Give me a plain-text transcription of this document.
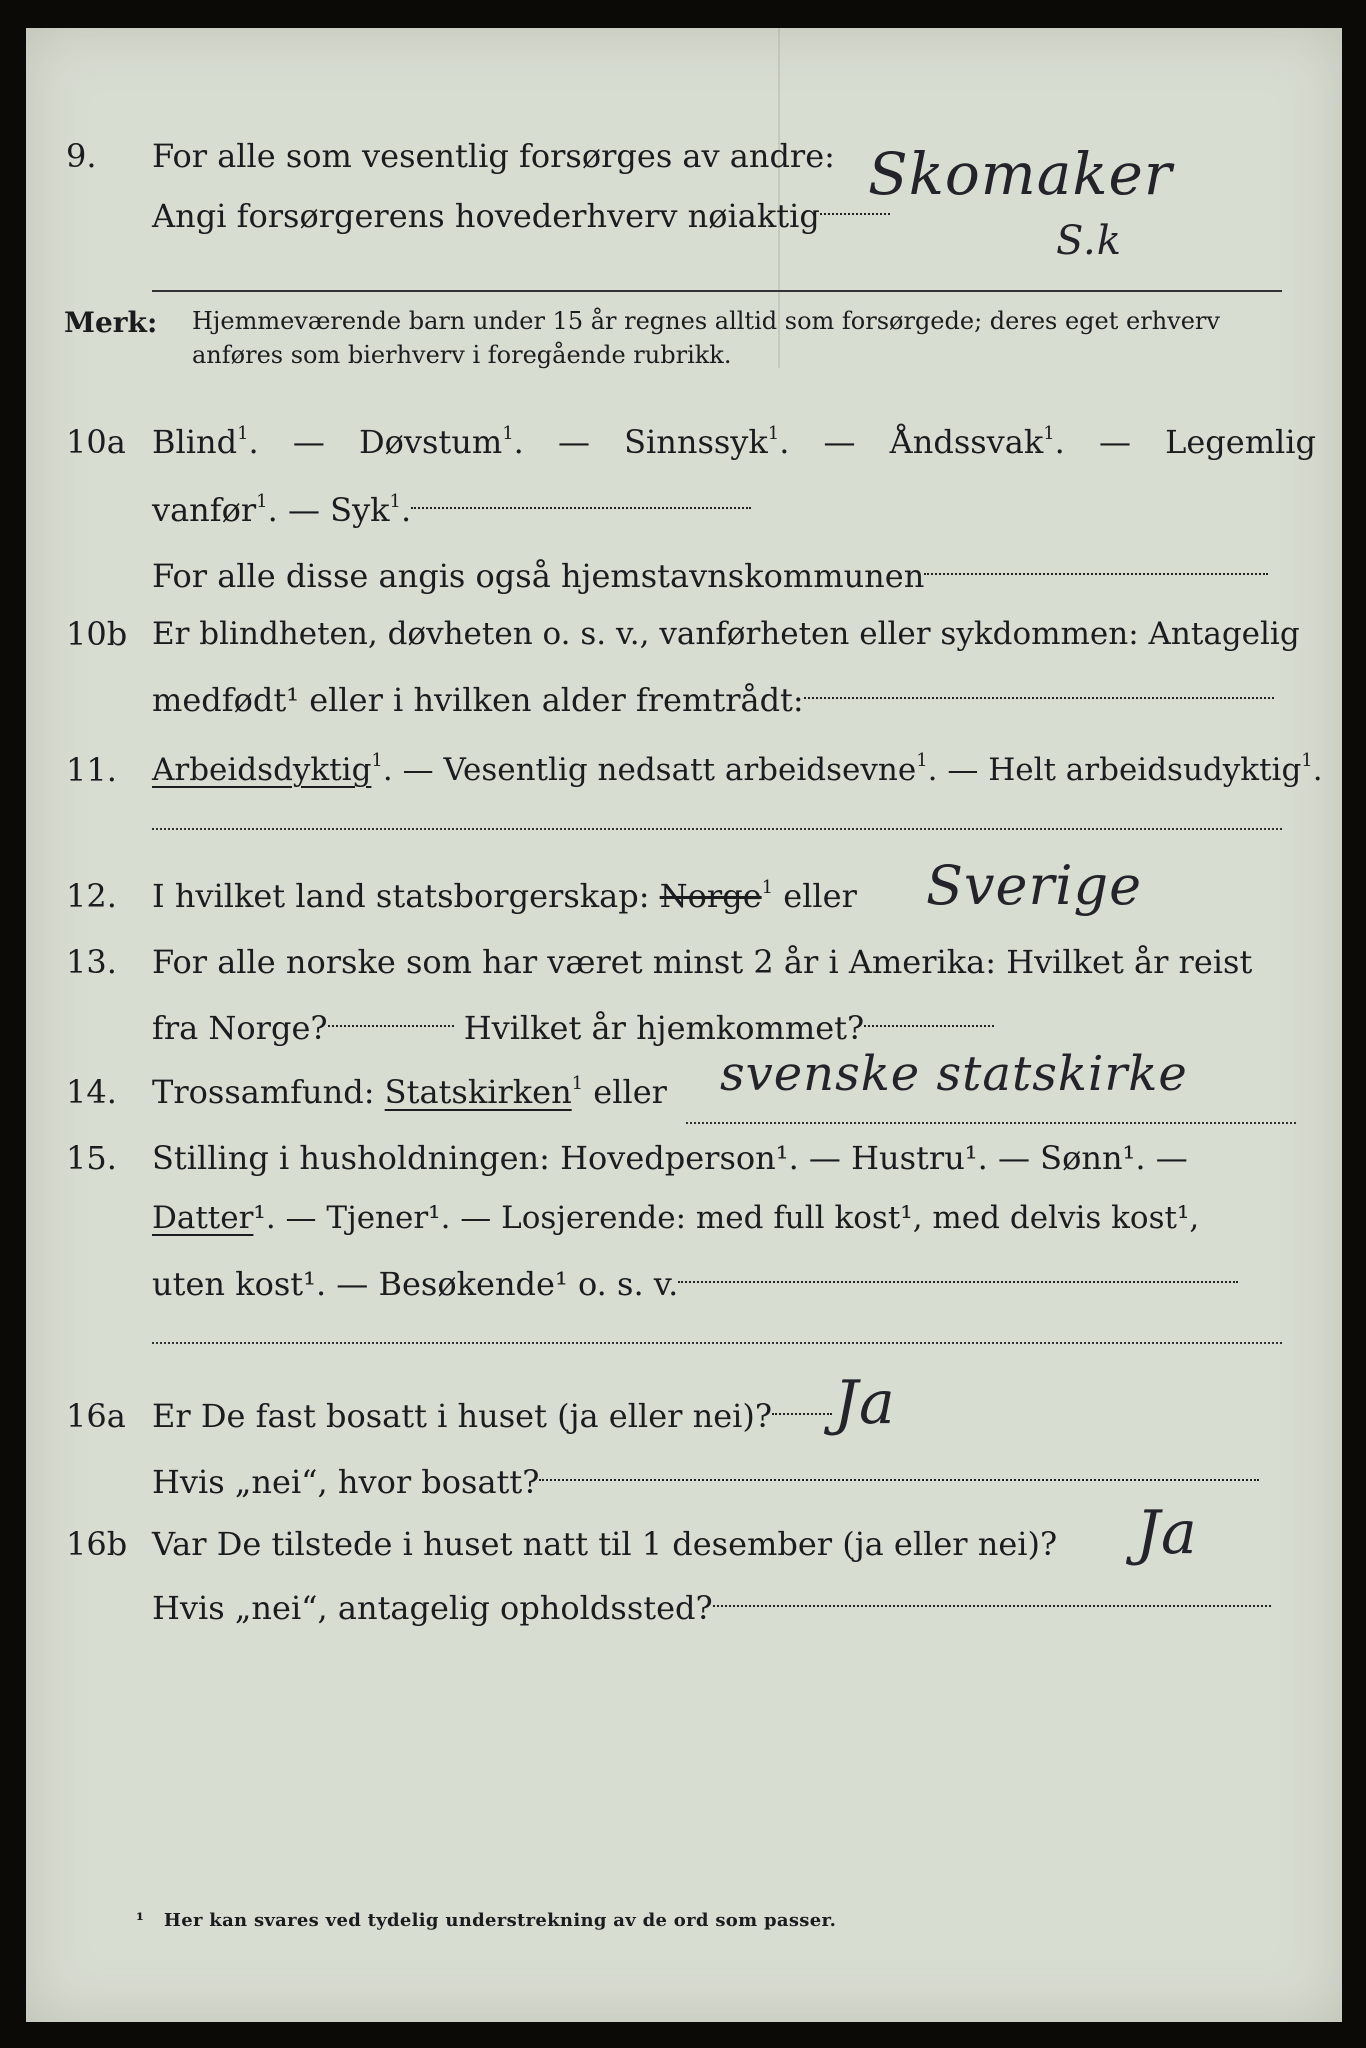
9. For alle som vesentlig forsørges av andre:
Angi forsørgerens hovederhverv nøiaktig
Skomaker
S.k
Merk: Hjemmeværende barn under 15 år regnes alltid som forsørgede; deres eget erhverv
anføres som bierhverv i foregående rubrikk.
10a Blind$^1$. — Døvstum$^1$. — Sinnssyk$^1$. — Åndssvak$^1$. — Legemlig
vanfør$^1$. — Syk$^1$.
For alle disse angis også hjemstavnskommunen
10b Er blindheten, døvheten o. s. v., vanførheten eller sykdommen: Antagelig
medfødt¹ eller i hvilken alder fremtrådt:
11. Arbeidsdyktig$^1$. — Vesentlig nedsatt arbeidsevne$^1$. — Helt arbeidsudyktig$^1$.
12. I hvilket land statsborgerskap: Norge$^1$ eller Sverige
13. For alle norske som har været minst 2 år i Amerika: Hvilket år reist
fra Norge?	Hvilket år hjemkommet?
14. Trossamfund: Statskirken$^1$ eller svenske statskirke
15. Stilling i husholdningen: Hovedperson¹. — Hustru¹. — Sønn¹. —
Datter¹. — Tjener¹. — Losjerende: med full kost¹, med delvis kost¹,
uten kost¹. — Besøkende¹ o. s. v.
16a Er De fast bosatt i huset (ja eller nei)?	Ja
Hvis „nei“, hvor bosatt?
16b Var De tilstede i huset natt til 1 desember (ja eller nei)? Ja
Hvis „nei“, antagelig opholdssted?
¹ Her kan svares ved tydelig understrekning av de ord som passer.
